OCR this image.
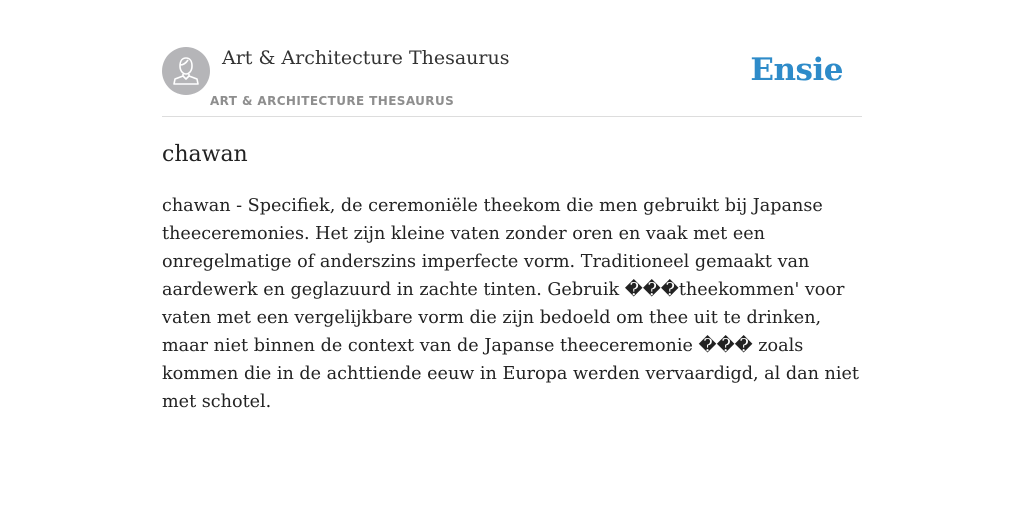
Art & Architecture Thesaurus
ART & ARCHITECTURE THESAURUS
Ensie
chawan

chawan - Specifiek, de ceremoniële theekom die men gebruikt bij Japanse theeceremonies. Het zijn kleine vaten zonder oren en vaak met een onregelmatige of anderszins imperfecte vorm. Traditioneel gemaakt van aardewerk en geglazuurd in zachte tinten. Gebruik ���theekommen' voor vaten met een vergelijkbare vorm die zijn bedoeld om thee uit te drinken, maar niet binnen de context van de Japanse theeceremonie ��� zoals kommen die in de achttiende eeuw in Europa werden vervaardigd, al dan niet met schotel.
